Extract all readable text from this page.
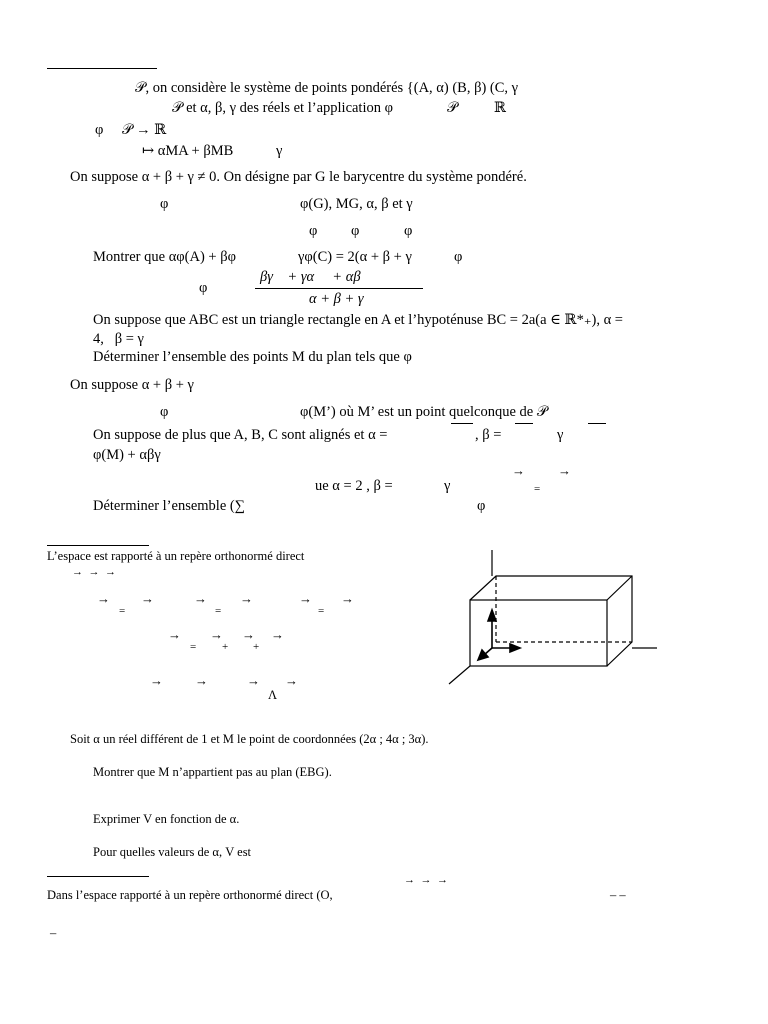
𝒫, on considère le système de points pondérés {(A, α) (B, β) (C, γ
𝒫 et α, β, γ des réels et l’application φ	𝒫	ℝ
φ 𝒫 → ℝ
↦ αMA + βMB	γ
On suppose α + β + γ ≠ 0. On désigne par G le barycentre du système pondéré.
φ	φ(G), MG, α, β et γ
φ φ	φ
Montrer que αφ(A) + βφ	γφ(C) = 2(α + β + γ	φ
φ
βγ    + γα     + αβ
α + β + γ
On suppose que ABC est un triangle rectangle en A et l’hypoténuse BC = 2a(a ∈ ℝ*₊), α =
4,   β = γ
Déterminer l’ensemble des points M du plan tels que φ
On suppose α + β + γ
φ	φ(M’) où M’ est un point quelconque de 𝒫
On suppose de plus que A, B, C sont alignés et α =	, β =	γ
φ(M) + αβγ
→	→
ue α = 2 , β =	γ	=
Déterminer l’ensemble (∑	φ
L’espace est rapporté à un repère orthonormé direct
→  →  →
→
=
→	→
=
→	→
=
→
→
=
→
+
→
+
→
→ →	→ →
Λ
Soit α un réel différent de 1 et M le point de coordonnées (2α ; 4α ; 3α).
Montrer que M n’appartient pas au plan (EBG).
Exprimer V en fonction de α.
Pour quelles valeurs de α, V est
Dans l’espace rapporté à un repère orthonormé direct (O,
→  →  →
– –
–
